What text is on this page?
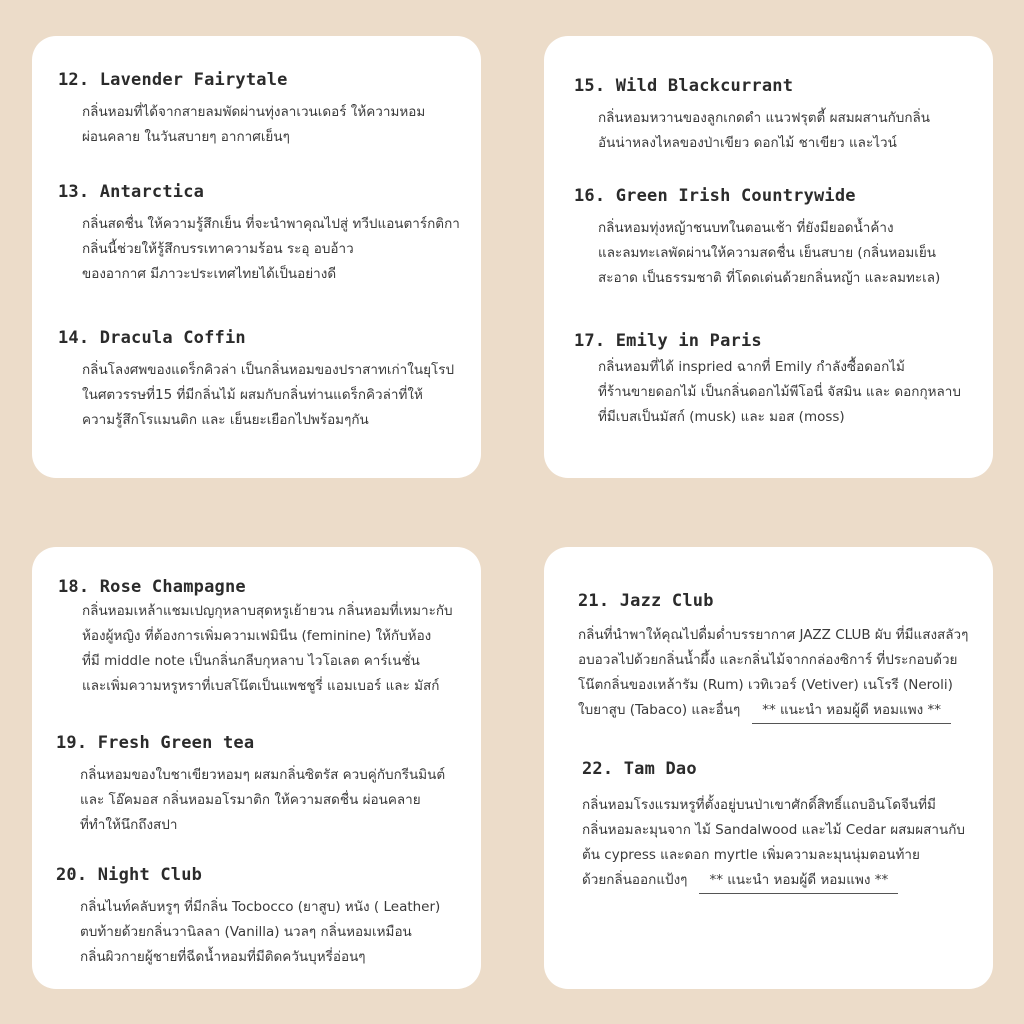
12. Lavender Fairytale
กลิ่นหอมที่ได้จากสายลมพัดผ่านทุ่งลาเวนเดอร์ ให้ความหอม
ผ่อนคลาย ในวันสบายๆ อากาศเย็นๆ
13. Antarctica
กลิ่นสดชื่น ให้ความรู้สึกเย็น ที่จะนำพาคุณไปสู่ ทวีปแอนตาร์กติกา
กลิ่นนี้ช่วยให้รู้สึกบรรเทาความร้อน ระอุ อบอ้าว
ของอากาศ มีภาวะประเทศไทยได้เป็นอย่างดี
14. Dracula Coffin
กลิ่นโลงศพของแดร็กคิวล่า เป็นกลิ่นหอมของปราสาทเก่าในยุโรป
ในศตวรรษที่15 ที่มีกลิ่นไม้ ผสมกับกลิ่นท่านแดร็กคิวล่าที่ให้
ความรู้สึกโรแมนติก และ เย็นยะเยือกไปพร้อมๆกัน
15. Wild Blackcurrant
กลิ่นหอมหวานของลูกเกดดำ แนวฟรุตตี้ ผสมผสานกับกลิ่น
อันน่าหลงไหลของป่าเขียว ดอกไม้ ชาเขียว และไวน์
16. Green Irish Countrywide
กลิ่นหอมทุ่งหญ้าชนบทในตอนเช้า ที่ยังมียอดน้ำค้าง
และลมทะเลพัดผ่านให้ความสดชื่น เย็นสบาย (กลิ่นหอมเย็น
สะอาด เป็นธรรมชาติ ที่โดดเด่นด้วยกลิ่นหญ้า และลมทะเล)
17. Emily in Paris
กลิ่นหอมที่ได้ inspried ฉากที่ Emily กำลังซื้อดอกไม้
ที่ร้านขายดอกไม้ เป็นกลิ่นดอกไม้พีโอนี่ จัสมิน และ ดอกกุหลาบ
ที่มีเบสเป็นมัสก์ (musk) และ มอส (moss)
18. Rose Champagne
กลิ่นหอมเหล้าแชมเปญกุหลาบสุดหรูเย้ายวน กลิ่นหอมที่เหมาะกับ
ห้องผู้หญิง ที่ต้องการเพิ่มความเฟมินีน (feminine) ให้กับห้อง
ที่มี middle note เป็นกลิ่นกลีบกุหลาบ ไวโอเลต คาร์เนชั่น
และเพิ่มความหรูหราที่เบสโน๊ตเป็นแพชชูรี่ แอมเบอร์ และ มัสก์
19. Fresh Green tea
กลิ่นหอมของใบชาเขียวหอมๆ ผสมกลิ่นซิตรัส ควบคู่กับกรีนมินต์
และ โอ๊คมอส กลิ่นหอมอโรมาติก ให้ความสดชื่น ผ่อนคลาย
ที่ทำให้นึกถึงสปา
20. Night Club
กลิ่นไนท์คลับหรูๆ ที่มีกลิ่น Tocbocco (ยาสูบ) หนัง ( Leather)
ตบท้ายด้วยกลิ่นวานิลลา (Vanilla) นวลๆ กลิ่นหอมเหมือน
กลิ่นผิวกายผู้ชายที่ฉีดน้ำหอมที่มีติดควันบุหรี่อ่อนๆ
21. Jazz Club
กลิ่นที่นำพาให้คุณไปดื่มด่ำบรรยากาศ JAZZ CLUB ผับ ที่มีแสงสลัวๆ
อบอวลไปด้วยกลิ่นน้ำผึ้ง และกลิ่นไม้จากกล่องซิการ์ ที่ประกอบด้วย
โน๊ตกลิ่นของเหล้ารัม (Rum) เวทิเวอร์ (Vetiver) เนโรรี (Neroli)
ใบยาสูบ (Tabaco) และอื่นๆ ** แนะนำ หอมผู้ดี หอมแพง **
22. Tam Dao
กลิ่นหอมโรงแรมหรูที่ตั้งอยู่บนป่าเขาศักดิ์สิทธิ์แถบอินโดจีนที่มี
กลิ่นหอมละมุนจาก ไม้ Sandalwood และไม้ Cedar ผสมผสานกับ
ต้น cypress และดอก myrtle เพิ่มความละมุนนุ่มตอนท้าย
ด้วยกลิ่นออกแป้งๆ ** แนะนำ หอมผู้ดี หอมแพง **
